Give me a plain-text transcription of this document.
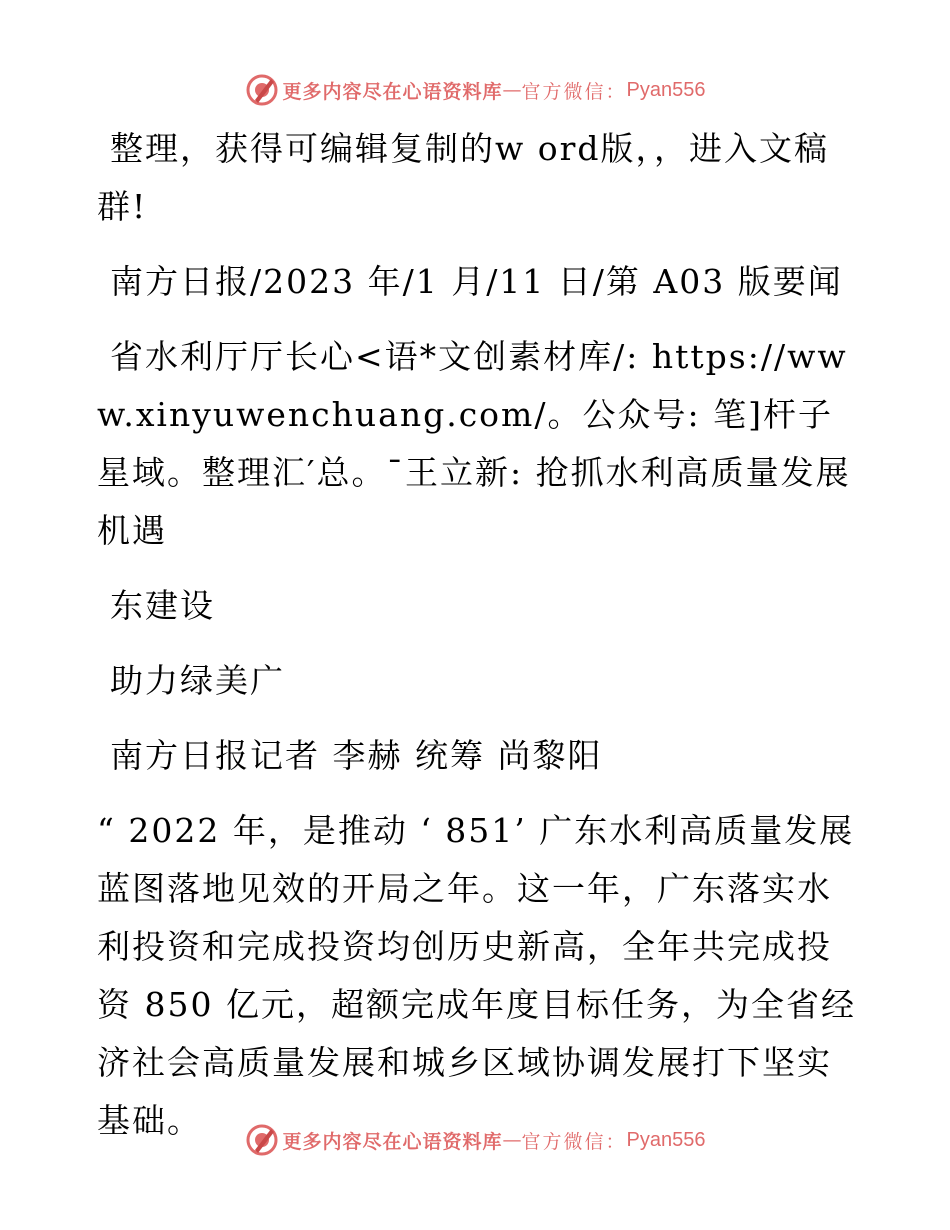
更多内容尽在心语资料库 — 官方微信： Pyan556

整理，获得可编辑复制的w ord版，，进入文稿群!

南方日报/2023 年/1 月/11 日/第 A03 版要闻

省水利厅厅长心<语*文创素材库/: https://www.xinyuwenchuang.com/。公众号: 笔]杆子星域。整理汇′总。¯王立新: 抢抓水利高质量发展机遇

东建设

助力绿美广

南方日报记者 李赫 统筹 尚黎阳

“ 2022 年，是推动 ‘ 851’ 广东水利高质量发展蓝图落地见效的开局之年。这一年，广东落实水利投资和完成投资均创历史新高，全年共完成投资 850 亿元，超额完成年度目标任务，为全省经济社会高质量发展和城乡区域协调发展打下坚实基础。

更多内容尽在心语资料库 — 官方微信： Pyan556
